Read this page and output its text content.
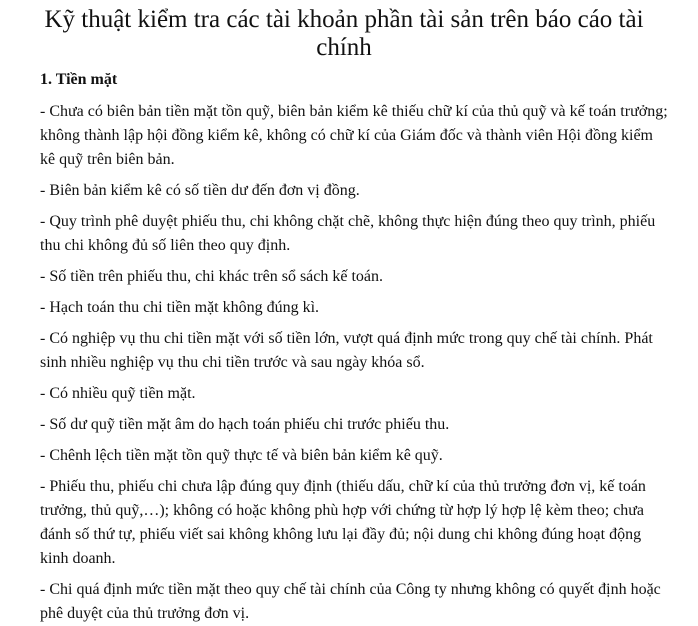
Kỹ thuật kiểm tra các tài khoản phần tài sản trên báo cáo tài chính
1. Tiền mặt

- Chưa có biên bản tiền mặt tồn quỹ, biên bản kiểm kê thiếu chữ kí của thủ quỹ và kế toán trưởng; không thành lập hội đồng kiểm kê, không có chữ kí của Giám đốc và thành viên Hội đồng kiểm kê quỹ trên biên bản.

- Biên bản kiểm kê có số tiền dư đến đơn vị đồng.

- Quy trình phê duyệt phiếu thu, chi không chặt chẽ, không thực hiện đúng theo quy trình, phiếu thu chi không đủ số liên theo quy định.

- Số tiền trên phiếu thu, chi khác trên sổ sách kế toán.

- Hạch toán thu chi tiền mặt không đúng kì.

- Có nghiệp vụ thu chi tiền mặt với số tiền lớn, vượt quá định mức trong quy chế tài chính. Phát sinh nhiều nghiệp vụ thu chi tiền trước và sau ngày khóa sổ.

- Có nhiều quỹ tiền mặt.

- Số dư quỹ tiền mặt âm do hạch toán phiếu chi trước phiếu thu.

- Chênh lệch tiền mặt tồn quỹ thực tế và biên bản kiểm kê quỹ.

- Phiếu thu, phiếu chi chưa lập đúng quy định (thiếu dấu, chữ kí của thủ trưởng đơn vị, kế toán trưởng, thủ quỹ,…); không có hoặc không phù hợp với chứng từ hợp lý hợp lệ kèm theo; chưa đánh số thứ tự, phiếu viết sai không không lưu lại đầy đủ; nội dung chi không đúng hoạt động kinh doanh.

- Chi quá định mức tiền mặt theo quy chế tài chính của Công ty nhưng không có quyết định hoặc phê duyệt của thủ trưởng đơn vị.
